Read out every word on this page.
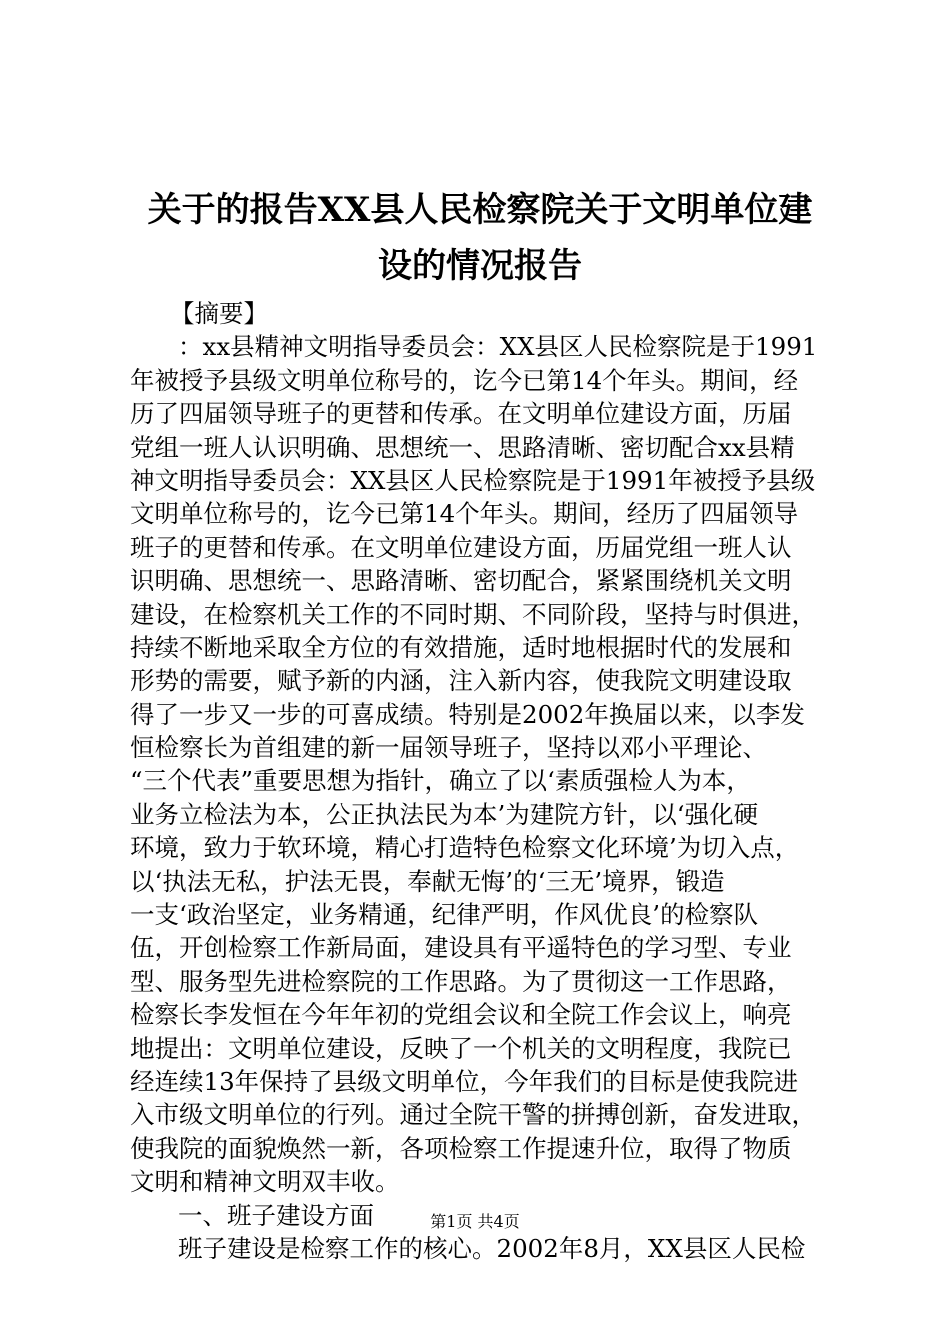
关于的报告XX县人民检察院关于文明单位建
设的情况报告
【摘要】
：xx县精神文明指导委员会：XX县区人民检察院是于1991
年被授予县级文明单位称号的，讫今已第14个年头。期间，经
历了四届领导班子的更替和传承。在文明单位建设方面，历届
党组一班人认识明确、思想统一、思路清晰、密切配合xx县精
神文明指导委员会：XX县区人民检察院是于1991年被授予县级
文明单位称号的，讫今已第14个年头。期间，经历了四届领导
班子的更替和传承。在文明单位建设方面，历届党组一班人认
识明确、思想统一、思路清晰、密切配合，紧紧围绕机关文明
建设，在检察机关工作的不同时期、不同阶段，坚持与时俱进，
持续不断地采取全方位的有效措施，适时地根据时代的发展和
形势的需要，赋予新的内涵，注入新内容，使我院文明建设取
得了一步又一步的可喜成绩。特别是2002年换届以来，以李发
恒检察长为首组建的新一届领导班子，坚持以邓小平理论、
“三个代表”重要思想为指针，确立了以‘素质强检人为本，
业务立检法为本，公正执法民为本’为建院方针，以‘强化硬
环境，致力于软环境，精心打造特色检察文化环境’为切入点，
以‘执法无私，护法无畏，奉献无悔’的‘三无’境界，锻造
一支‘政治坚定，业务精通，纪律严明，作风优良’的检察队
伍，开创检察工作新局面，建设具有平遥特色的学习型、专业
型、服务型先进检察院的工作思路。为了贯彻这一工作思路，
检察长李发恒在今年年初的党组会议和全院工作会议上，响亮
地提出：文明单位建设，反映了一个机关的文明程度，我院已
经连续13年保持了县级文明单位，今年我们的目标是使我院进
入市级文明单位的行列。通过全院干警的拼搏创新，奋发进取，
使我院的面貌焕然一新，各项检察工作提速升位，取得了物质
文明和精神文明双丰收。
一、班子建设方面
班子建设是检察工作的核心。2002年8月，XX县区人民检
第1页 共4页
